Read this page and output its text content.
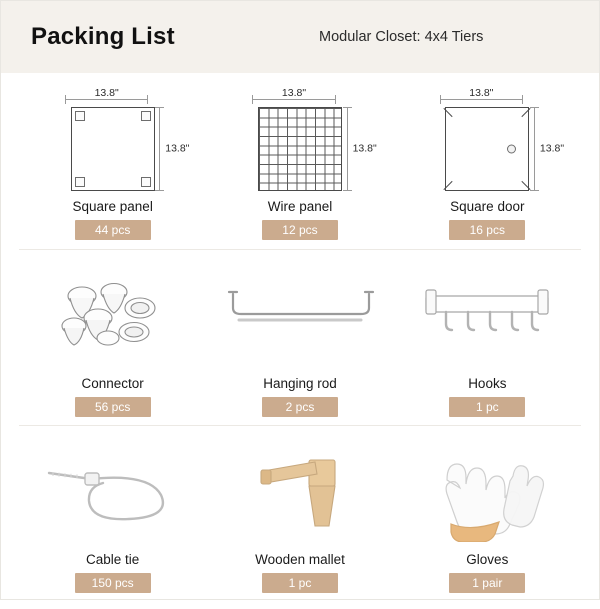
Packing List	Modular Closet: 4x4 Tiers
13.8"
13.8"
Square panel
44 pcs
13.8"
13.8"
Wire panel
12 pcs
13.8"
13.8"
Square door
16 pcs
Connector
56 pcs
Hanging rod
2 pcs
Hooks
1 pc
Cable tie
150 pcs
Wooden mallet
1 pc
Gloves
1 pair
